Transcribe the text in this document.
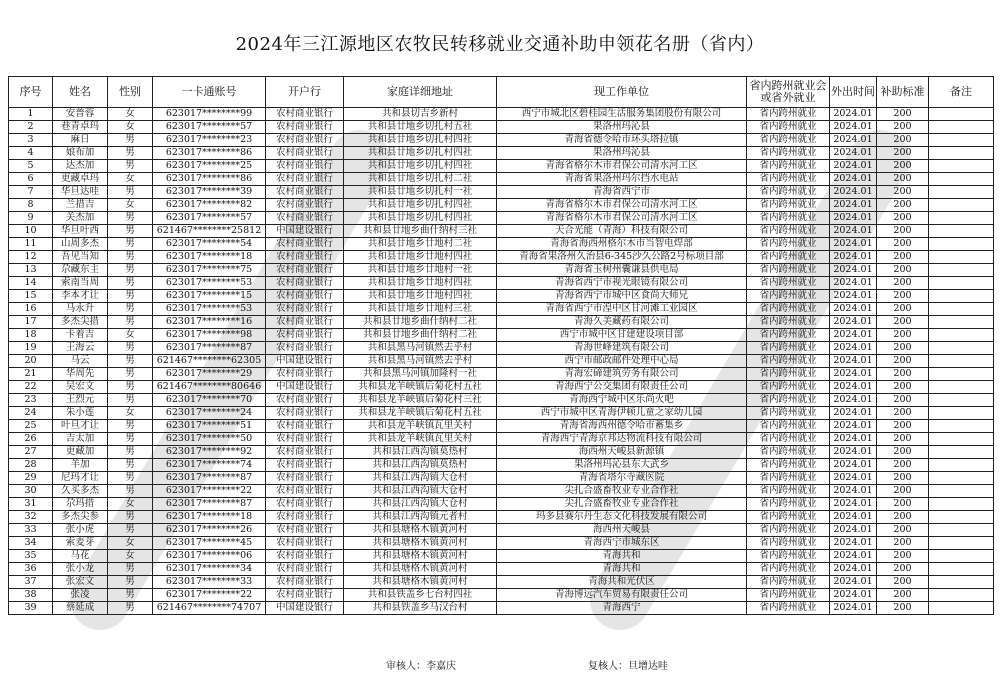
2024年三江源地区农牧民转移就业交通补助申领花名册（省内）
序号	姓名	性别	一卡通账号	开户行	家庭详细地址	现工作单位	省内跨州就业会或省外就业	外出时间	补助标准	备注
1	安普蓉	女	623017********99	农村商业银行	共和县切吉乡新村	西宁市城北区碧桂园生活服务集团股份有限公司	省内跨州就业	2024.01	200	
2	巷青卓玛	女	623017********57	农村商业银行	共和县廿地乡切扎村五社	果洛州玛沁县	省内跨州就业	2024.01	200	
3	麻日	男	623017********23	农村商业银行	共和县廿地乡切扎村四社	青海省德令哈市环头塔拉镇	省内跨州就业	2024.01	200	
4	娘布加	男	623017********86	农村商业银行	共和县廿地乡切扎村四社	果洛州玛沁县	省内跨州就业	2024.01	200	
5	达杰加	男	623017********25	农村商业银行	共和县廿地乡切扎村四社	青海省格尔木市君保公司清水河工区	省内跨州就业	2024.01	200	
6	更藏卓玛	女	623017********86	农村商业银行	共和县廿地乡切扎村二社	青海省果洛州玛尔挡水电站	省内跨州就业	2024.01	200	
7	华旦达哇	男	623017********39	农村商业银行	共和县廿地乡切扎村一社	青海省西宁市	省内跨州就业	2024.01	200	
8	兰措吉	女	623017********82	农村商业银行	共和县廿地乡切扎村四社	青海省格尔木市君保公司清水河工区	省内跨州就业	2024.01	200	
9	关杰加	男	623017********57	农村商业银行	共和县廿地乡切扎村四社	青海省格尔木市君保公司清水河工区	省内跨州就业	2024.01	200	
10	华旦叶西	男	621467********25812	中国建设银行	共和县廿地乡曲什纳村三社	天合光能（青海）科技有限公司	省内跨州就业	2024.01	200	
11	山周多杰	男	623017********54	农村商业银行	共和县廿地乡廿地村二社	青海省海西州格尔木市当智电焊部	省内跨州就业	2024.01	200	
12	吾见当知	男	623017********18	农村商业银行	共和县廿地乡廿地村四社	青海省果洛州久治县6-345沙久公路2号标项目部	省内跨州就业	2024.01	200	
13	尕藏东主	男	623017********75	农村商业银行	共和县廿地乡廿地村一社	青海省玉树州囊谦县供电局	省内跨州就业	2024.01	200	
14	索南当周	男	623017********53	农村商业银行	共和县廿地乡廿地村四社	青海省西宁市视光眼镜有限公司	省内跨州就业	2024.01	200	
15	李本才让	男	623017********15	农村商业银行	共和县廿地乡廿地村四社	青海省西宁市城中区食尚大师兄	省内跨州就业	2024.01	200	
16	马永升	男	623017********53	农村商业银行	共和县廿地乡廿地村三社	青海省西宁市湟中区甘河滩工业园区	省内跨州就业	2024.01	200	
17	多杰尖措	男	623017********16	农村商业银行	共和县廿地乡曲什纳村二社	青海久美藏药有限公司	省内跨州就业	2024.01	200	
18	卡着吉	女	623017********98	农村商业银行	共和县廿地乡曲什纳村二社	西宁市城中区甘建建设项目部	省内跨州就业	2024.01	200	
19	王海云	男	623017********87	农村商业银行	共和县黑马河镇然去乎村	青海世峰建筑有限公司	省内跨州就业	2024.01	200	
20	马云	男	621467********62305	中国建设银行	共和县黑马河镇然去乎村	西宁市邮政邮件处理中心局	省内跨州就业	2024.01	200	
21	华周先	男	623017********29	农村商业银行	共和县黑马河镇加隆村一社	青海宏碲建筑劳务有限公司	省内跨州就业	2024.01	200	
22	吴宏文	男	621467********80646	中国建设银行	共和县龙羊峡镇后菊花村五社	青海西宁公交集团有限责任公司	省内跨州就业	2024.01	200	
23	王烈元	男	623017********70	农村商业银行	共和县龙羊峡镇后菊花村三社	青海西宁城中区乐尚火吧	省内跨州就业	2024.01	200	
24	朱小莲	女	623017********24	农村商业银行	共和县龙羊峡镇后菊花村五社	西宁市城中区青海伊顿儿童之家幼儿园	省内跨州就业	2024.01	200	
25	叶旦才让	男	623017********51	农村商业银行	共和县龙羊峡镇瓦里关村	青海省海西州德令哈市蓄集乡	省内跨州就业	2024.01	200	
26	吉太加	男	623017********50	农村商业银行	共和县龙羊峡镇瓦里关村	青海西宁青海京邦达物流科技有限公司	省内跨州就业	2024.01	200	
27	更藏加	男	623017********92	农村商业银行	共和县江西沟镇莫热村	海西州天峻县新源镇	省内跨州就业	2024.01	200	
28	羊加	男	623017********74	农村商业银行	共和县江西沟镇莫热村	果洛州玛沁县东大武乡	省内跨州就业	2024.01	200	
29	尼玛才让	男	623017********87	农村商业银行	共和县江西沟镇大仓村	青海省塔尔寺藏医院	省内跨州就业	2024.01	200	
30	久买多杰	男	623017********22	农村商业银行	共和县江西沟镇大仓村	尖扎合盛畜牧业专业合作社	省内跨州就业	2024.01	200	
31	尕玛措	女	623017********87	农村商业银行	共和县江西沟镇大仓村	尖扎合盛畜牧业专业合作社	省内跨州就业	2024.01	200	
32	多杰尖参	男	623017********18	农村商业银行	共和县江西沟镇元者村	玛多县赛尔丹生态文化科技发展有限公司	省内跨州就业	2024.01	200	
33	张小虎	男	623017********26	农村商业银行	共和县塘格木镇黄河村	海西州天峻县	省内跨州就业	2024.01	200	
34	索麦芽	女	623017********45	农村商业银行	共和县塘格木镇黄河村	青海西宁市城东区	省内跨州就业	2024.01	200	
35	马花	女	623017********06	农村商业银行	共和县塘格木镇黄河村	青海共和	省内跨州就业	2024.01	200	
36	张小龙	男	623017********34	农村商业银行	共和县塘格木镇黄河村	青海共和	省内跨州就业	2024.01	200	
37	张宏文	男	623017********33	农村商业银行	共和县塘格木镇黄河村	青海共和光伏区	省内跨州就业	2024.01	200	
38	张凌	男	623017********22	农村商业银行	共和县铁盖乡七台村四社	青海博远汽车贸易有限责任公司	省内跨州就业	2024.01	200	
39	蔡延成	男	621467********74707	中国建设银行	共和县铁盖乡马汉台村	青海西宁	省内跨州就业	2024.01	200	
审核人：李嘉庆	复核人：旦增达哇
